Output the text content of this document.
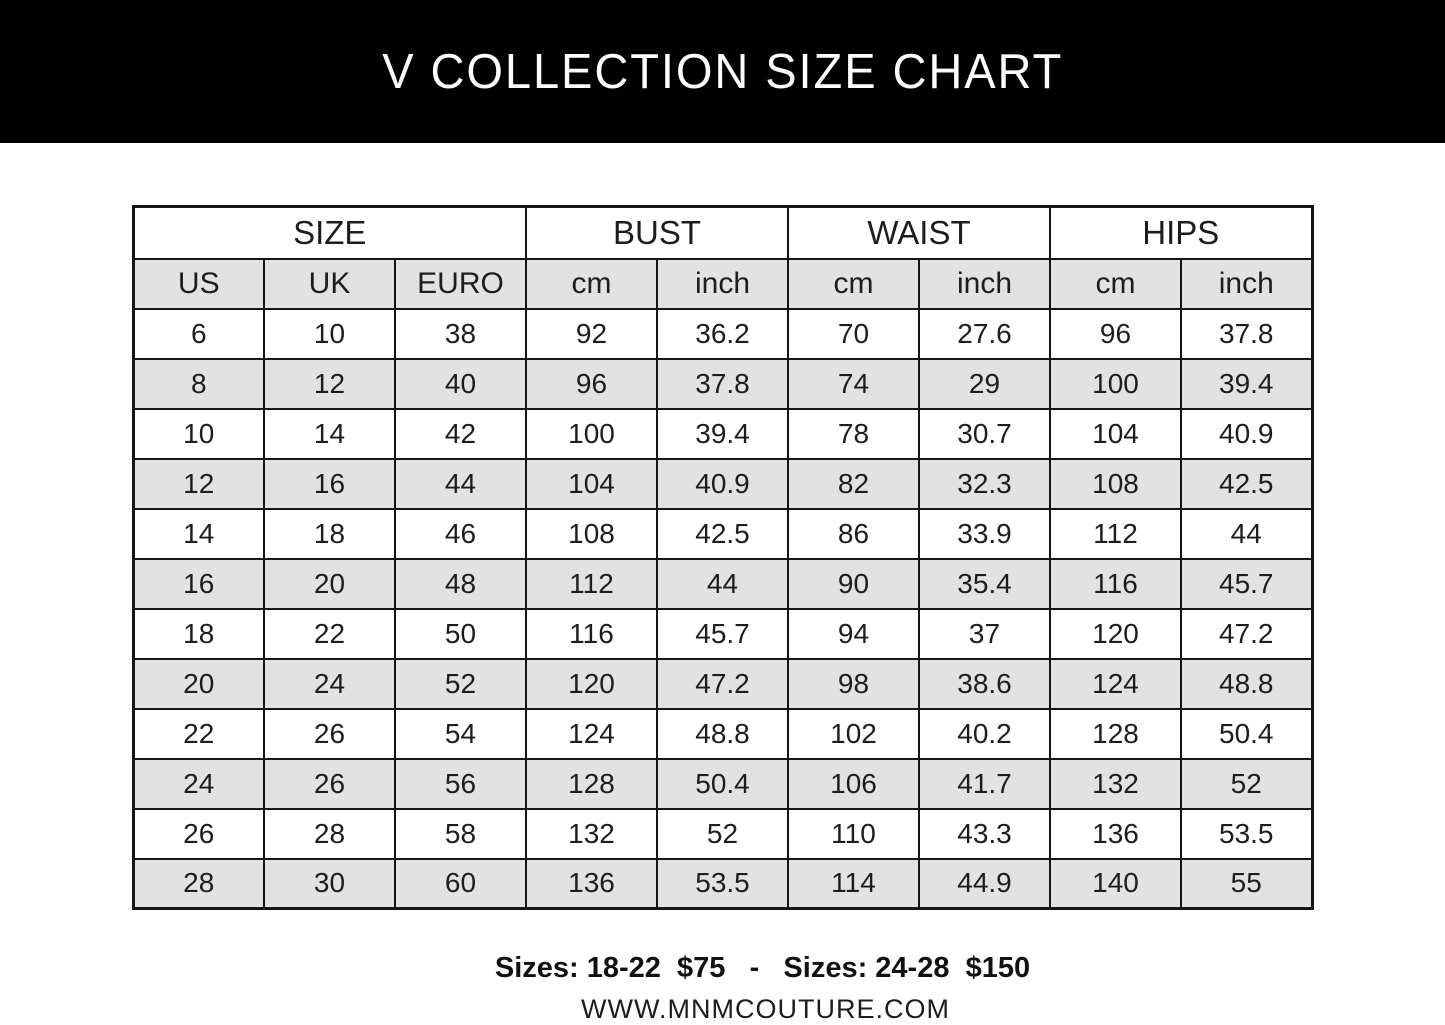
V COLLECTION SIZE CHART
SIZE			BUST		WAIST		HIPS	
US	UK	EURO	cm	inch	cm	inch	cm	inch
6	10	38	92	36.2	70	27.6	96	37.8
8	12	40	96	37.8	74	29	100	39.4
10	14	42	100	39.4	78	30.7	104	40.9
12	16	44	104	40.9	82	32.3	108	42.5
14	18	46	108	42.5	86	33.9	112	44
16	20	48	112	44	90	35.4	116	45.7
18	22	50	116	45.7	94	37	120	47.2
20	24	52	120	47.2	98	38.6	124	48.8
22	26	54	124	48.8	102	40.2	128	50.4
24	26	56	128	50.4	106	41.7	132	52
26	28	58	132	52	110	43.3	136	53.5
28	30	60	136	53.5	114	44.9	140	55
Sizes: 18-22  $75   -   Sizes: 24-28  $150
WWW.MNMCOUTURE.COM
